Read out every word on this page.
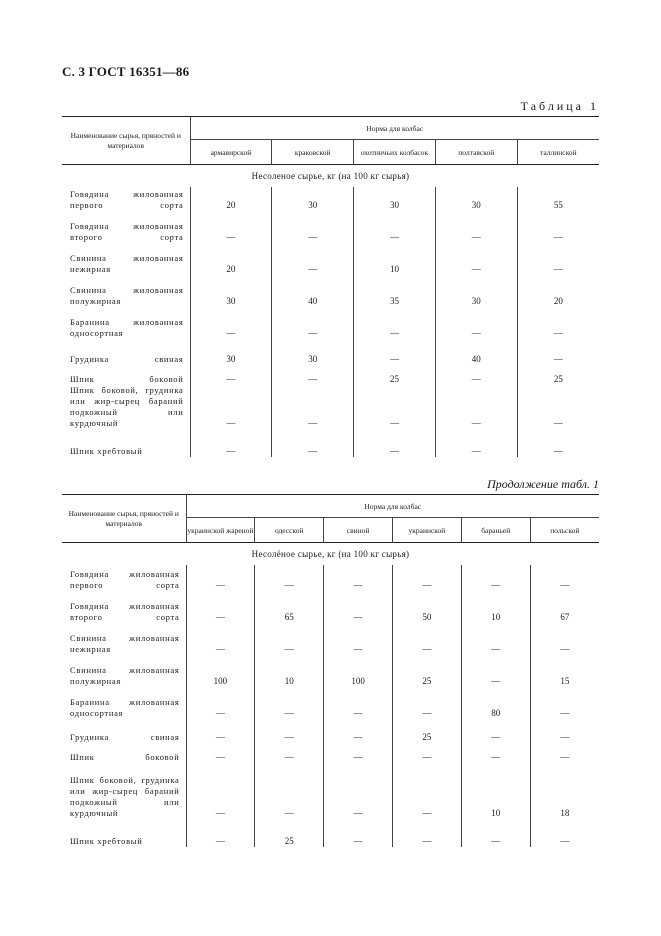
С. 3 ГОСТ 16351—86
Таблица 1
Наименование сырья, пряностей и материалов	Норма для колбас				
	армавирской	краковской	охотничьих колбасок	полтавской	таллинской
Несоленое сырье, кг (на 100 кг сырья)					
Говядина жилованная первого сорта	20	30	30	30	55
Говядина жилованная второго сорта	—	—	—	—	—
Свинина жилованная нежирная	20	—	10	—	—
Свинина жилованная полужирная	30	40	35	30	20
Баранина жилованная односортная	—	—	—	—	—
Грудинка свиная	30	30	—	40	—
Шпик боковой	—	—	25	—	25
Шпик боковой, грудинка или жир-сырец бараний подкожный или курдючный	—	—	—	—	—
Шпик хребтовый	—	—	—	—	—
Продолжение табл. 1
Наименование сырья, пряностей и материалов	Норма для колбас					
	украинской жареной	одесской	свиной	украинской	бараньей	польской
Несолёное сырье, кг (на 100 кг сырья)						
Говядина жилованная первого сорта	—	—	—	—	—	—
Говядина жилованная второго сорта	—	65	—	50	10	67
Свинина жилованная нежирная	—	—	—	—	—	—
Свинина жилованная полужирная	100	10	100	25	—	15
Баранина жилованная односортная	—	—	—	—	80	—
Грудинка свиная	—	—	—	25	—	—
Шпик боковой	—	—	—	—	—	—
Шпик боковой, грудинка или жир-сырец бараний подкожный или курдючный	—	—	—	—	10	18
Шпик хребтовый	—	25	—	—	—	—
